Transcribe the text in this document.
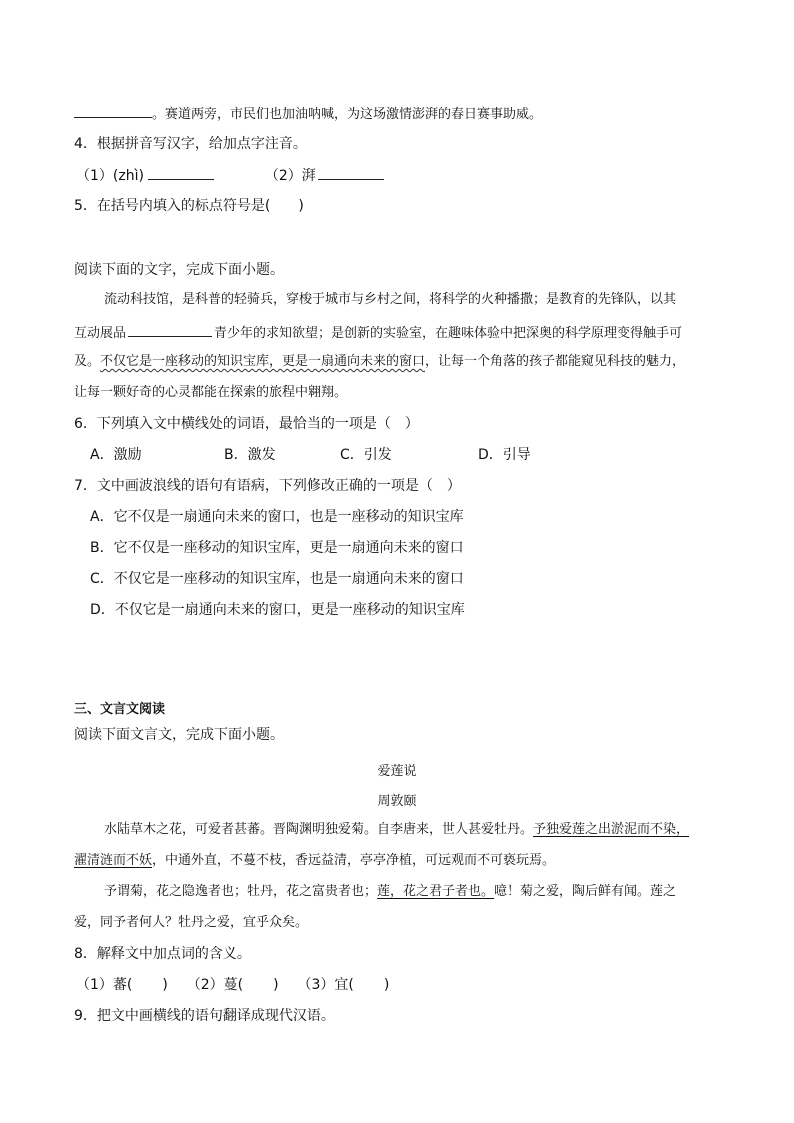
。赛道两旁，市民们也加油呐喊，为这场激情澎湃的春日赛事助威。
4．根据拼音写汉字，给加点字注音。
（1）(zhì)	（2）湃
5．在括号内填入的标点符号是(　　)
阅读下面的文字，完成下面小题。
流动科技馆，是科普的轻骑兵，穿梭于城市与乡村之间，将科学的火种播撒；是教育的先锋队，以其
互动展品	青少年的求知欲望；是创新的实验室，在趣味体验中把深奥的科学原理变得触手可
及。不仅它是一座移动的知识宝库，更是一扇通向未来的窗口，让每一个角落的孩子都能窥见科技的魅力，
让每一颗好奇的心灵都能在探索的旅程中翱翔。
6．下列填入文中横线处的词语，最恰当的一项是（　）
A．激励	B．激发	C．引发	D．引导
7．文中画波浪线的语句有语病，下列修改正确的一项是（　）
A．它不仅是一扇通向未来的窗口，也是一座移动的知识宝库
B．它不仅是一座移动的知识宝库，更是一扇通向未来的窗口
C．不仅它是一座移动的知识宝库，也是一扇通向未来的窗口
D．不仅它是一扇通向未来的窗口，更是一座移动的知识宝库
三、文言文阅读
阅读下面文言文，完成下面小题。
爱莲说
周敦颐
水陆草木之花，可爱者甚蕃。晋陶渊明独爱菊。自李唐来，世人甚爱牡丹。予独爱莲之出淤泥而不染，
濯清涟而不妖，中通外直，不蔓不枝，香远益清，亭亭净植，可远观而不可亵玩焉。
予谓菊，花之隐逸者也；牡丹，花之富贵者也；莲，花之君子者也。噫！菊之爱，陶后鲜有闻。莲之
爱，同予者何人？牡丹之爱，宜乎众矣。
8．解释文中加点词的含义。
（1）蕃( ) （2）蔓( ) （3）宜( )
9．把文中画横线的语句翻译成现代汉语。
